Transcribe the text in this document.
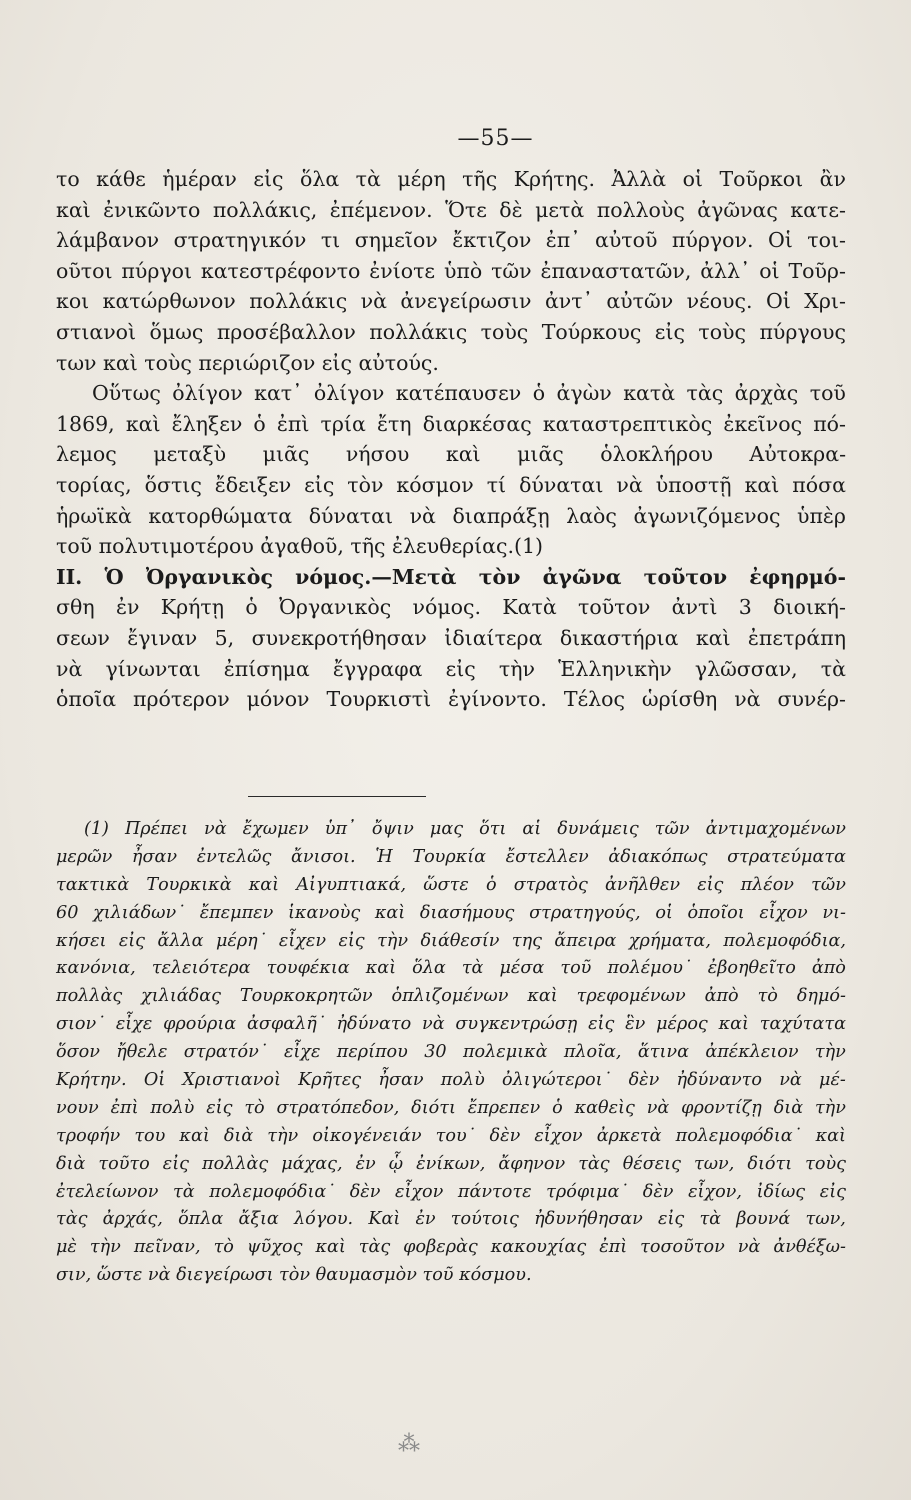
—55—
το κάθε ἡμέραν εἰς ὅλα τὰ μέρη τῆς Κρήτης. Ἀλλὰ οἱ Τοῦρκοι ἂν
καὶ ἐνικῶντο πολλάκις, ἐπέμενον. Ὅτε δὲ μετὰ πολλοὺς ἀγῶνας κατε-
λάμβανον στρατηγικόν τι σημεῖον ἔκτιζον ἐπ᾽ αὐτοῦ πύργον. Οἱ τοι-
οῦτοι πύργοι κατεστρέφοντο ἐνίοτε ὑπὸ τῶν ἐπαναστατῶν, ἀλλ᾽ οἱ Τοῦρ-
κοι κατώρθωνον πολλάκις νὰ ἀνεγείρωσιν ἀντ᾽ αὐτῶν νέους. Οἱ Χρι-
στιανοὶ ὅμως προσέβαλλον πολλάκις τοὺς Τούρκους εἰς τοὺς πύργους
των καὶ τοὺς περιώριζον εἰς αὐτούς.
Οὕτως ὀλίγον κατ᾽ ὀλίγον κατέπαυσεν ὁ ἀγὼν κατὰ τὰς ἀρχὰς τοῦ
1869, καὶ ἔληξεν ὁ ἐπὶ τρία ἔτη διαρκέσας καταστρεπτικὸς ἐκεῖνος πό-
λεμος μεταξὺ μιᾶς νήσου καὶ μιᾶς ὁλοκλήρου Αὐτοκρα-
τορίας, ὅστις ἔδειξεν εἰς τὸν κόσμον τί δύναται νὰ ὑποστῇ καὶ πόσα
ἡρωϊκὰ κατορθώματα δύναται νὰ διαπράξῃ λαὸς ἀγωνιζόμενος ὑπὲρ
τοῦ πολυτιμοτέρου ἀγαθοῦ, τῆς ἐλευθερίας.(1)
II. Ὁ Ὀργανικὸς νόμος.—Μετὰ τὸν ἀγῶνα τοῦτον ἐφηρμό-
σθη ἐν Κρήτῃ ὁ Ὀργανικὸς νόμος. Κατὰ τοῦτον ἀντὶ 3 διοική-
σεων ἔγιναν 5, συνεκροτήθησαν ἰδιαίτερα δικαστήρια καὶ ἐπετράπη
νὰ γίνωνται ἐπίσημα ἔγγραφα εἰς τὴν Ἑλληνικὴν γλῶσσαν, τὰ
ὁποῖα πρότερον μόνον Τουρκιστὶ ἐγίνοντο. Τέλος ὡρίσθη νὰ συνέρ-
(1) Πρέπει νὰ ἔχωμεν ὑπ᾽ ὄψιν μας ὅτι αἱ δυνάμεις τῶν ἀντιμαχομένων
μερῶν ἦσαν ἐντελῶς ἄνισοι. Ἡ Τουρκία ἔστελλεν ἀδιακόπως στρατεύματα
τακτικὰ Τουρκικὰ καὶ Αἰγυπτιακά, ὥστε ὁ στρατὸς ἀνῆλθεν εἰς πλέον τῶν
60 χιλιάδων˙ ἔπεμπεν ἱκανοὺς καὶ διασήμους στρατηγούς, οἱ ὁποῖοι εἶχον νι-
κήσει εἰς ἄλλα μέρη˙ εἶχεν εἰς τὴν διάθεσίν της ἄπειρα χρήματα, πολεμοφόδια,
κανόνια, τελειότερα τουφέκια καὶ ὅλα τὰ μέσα τοῦ πολέμου˙ ἐβοηθεῖτο ἀπὸ
πολλὰς χιλιάδας Τουρκοκρητῶν ὁπλιζομένων καὶ τρεφομένων ἀπὸ τὸ δημό-
σιον˙ εἶχε φρούρια ἀσφαλῆ˙ ἠδύνατο νὰ συγκεντρώσῃ εἰς ἓν μέρος καὶ ταχύτατα
ὅσον ἤθελε στρατόν˙ εἶχε περίπου 30 πολεμικὰ πλοῖα, ἅτινα ἀπέκλειον τὴν
Κρήτην. Οἱ Χριστιανοὶ Κρῆτες ἦσαν πολὺ ὀλιγώτεροι˙ δὲν ἠδύναντο νὰ μέ-
νουν ἐπὶ πολὺ εἰς τὸ στρατόπεδον, διότι ἔπρεπεν ὁ καθεὶς νὰ φροντίζῃ διὰ τὴν
τροφήν του καὶ διὰ τὴν οἰκογένειάν του˙ δὲν εἶχον ἀρκετὰ πολεμοφόδια˙ καὶ
διὰ τοῦτο εἰς πολλὰς μάχας, ἐν ᾧ ἐνίκων, ἄφηνον τὰς θέσεις των, διότι τοὺς
ἐτελείωνον τὰ πολεμοφόδια˙ δὲν εἶχον πάντοτε τρόφιμα˙ δὲν εἶχον, ἰδίως εἰς
τὰς ἀρχάς, ὅπλα ἄξια λόγου. Καὶ ἐν τούτοις ἠδυνήθησαν εἰς τὰ βουνά των,
μὲ τὴν πεῖναν, τὸ ψῦχος καὶ τὰς φοβερὰς κακουχίας ἐπὶ τοσοῦτον νὰ ἀνθέξω-
σιν, ὥστε νὰ διεγείρωσι τὸν θαυμασμὸν τοῦ κόσμου.
⁂
